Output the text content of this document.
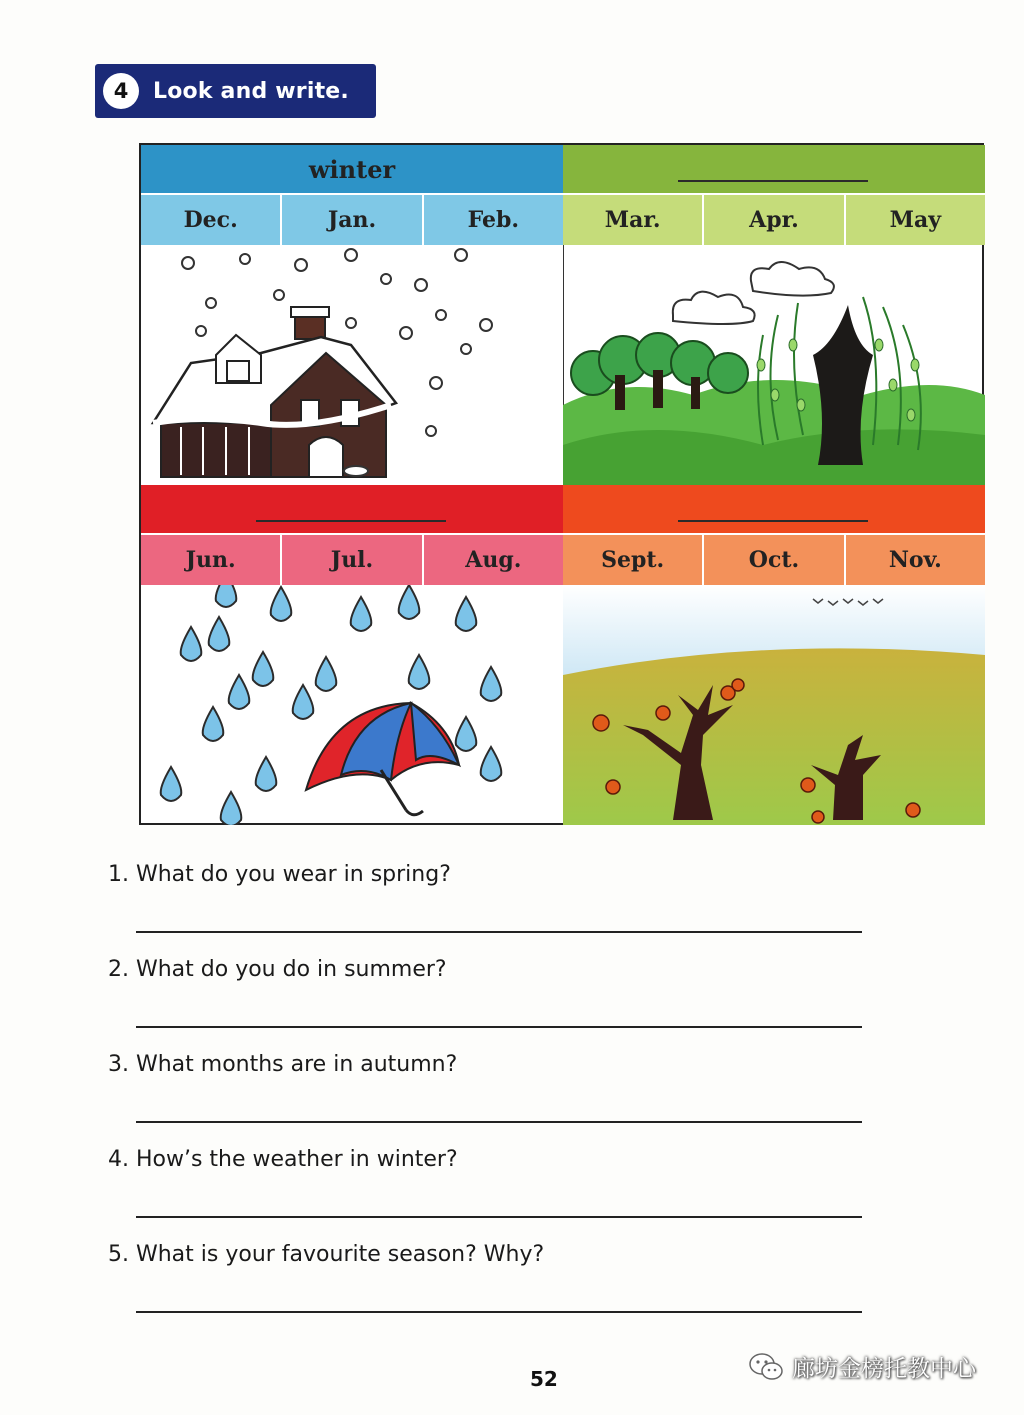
4	Look and write.
winter
Dec.	Jan.	Feb.	Mar.	Apr.	May
Jun.	Jul.	Aug.	Sept.	Oct.	Nov.
1. What do you wear in spring?
2. What do you do in summer?
3. What months are in autumn?
4. How’s the weather in winter?
5. What is your favourite season? Why?
52	廊坊金榜托教中心
